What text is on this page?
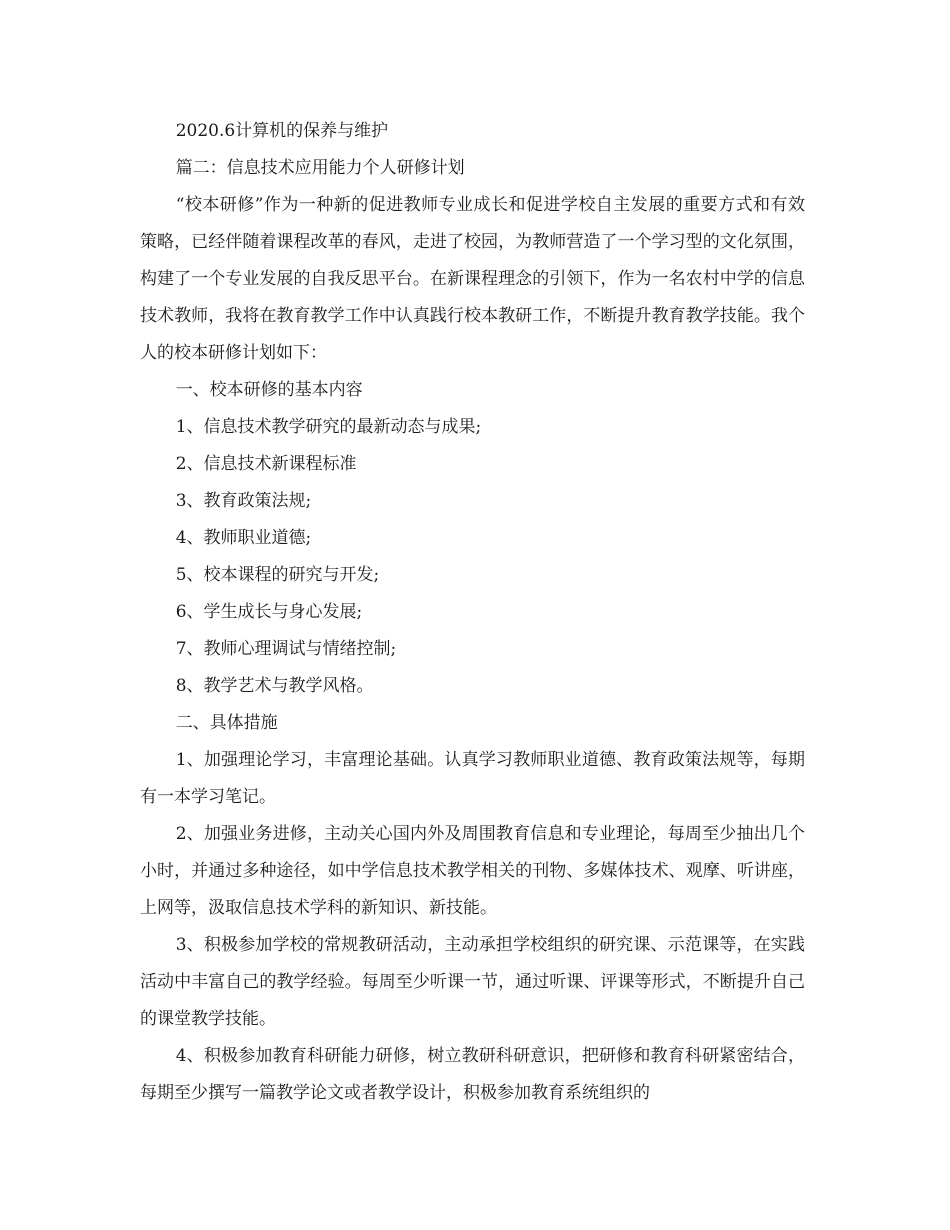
2020.6计算机的保养与维护

篇二：信息技术应用能力个人研修计划

“校本研修”作为一种新的促进教师专业成长和促进学校自主发展的重要方式和有效策略，已经伴随着课程改革的春风，走进了校园，为教师营造了一个学习型的文化氛围，构建了一个专业发展的自我反思平台。在新课程理念的引领下，作为一名农村中学的信息技术教师，我将在教育教学工作中认真践行校本教研工作，不断提升教育教学技能。我个人的校本研修计划如下：

一、校本研修的基本内容

1、信息技术教学研究的最新动态与成果;

2、信息技术新课程标准

3、教育政策法规;

4、教师职业道德;

5、校本课程的研究与开发;

6、学生成长与身心发展;

7、教师心理调试与情绪控制;

8、教学艺术与教学风格。

二、具体措施

1、加强理论学习，丰富理论基础。认真学习教师职业道德、教育政策法规等，每期有一本学习笔记。

2、加强业务进修，主动关心国内外及周围教育信息和专业理论，每周至少抽出几个小时，并通过多种途径，如中学信息技术教学相关的刊物、多媒体技术、观摩、听讲座，上网等，汲取信息技术学科的新知识、新技能。

3、积极参加学校的常规教研活动，主动承担学校组织的研究课、示范课等，在实践活动中丰富自己的教学经验。每周至少听课一节，通过听课、评课等形式，不断提升自己的课堂教学技能。

4、积极参加教育科研能力研修，树立教研科研意识，把研修和教育科研紧密结合，每期至少撰写一篇教学论文或者教学设计，积极参加教育系统组织的
